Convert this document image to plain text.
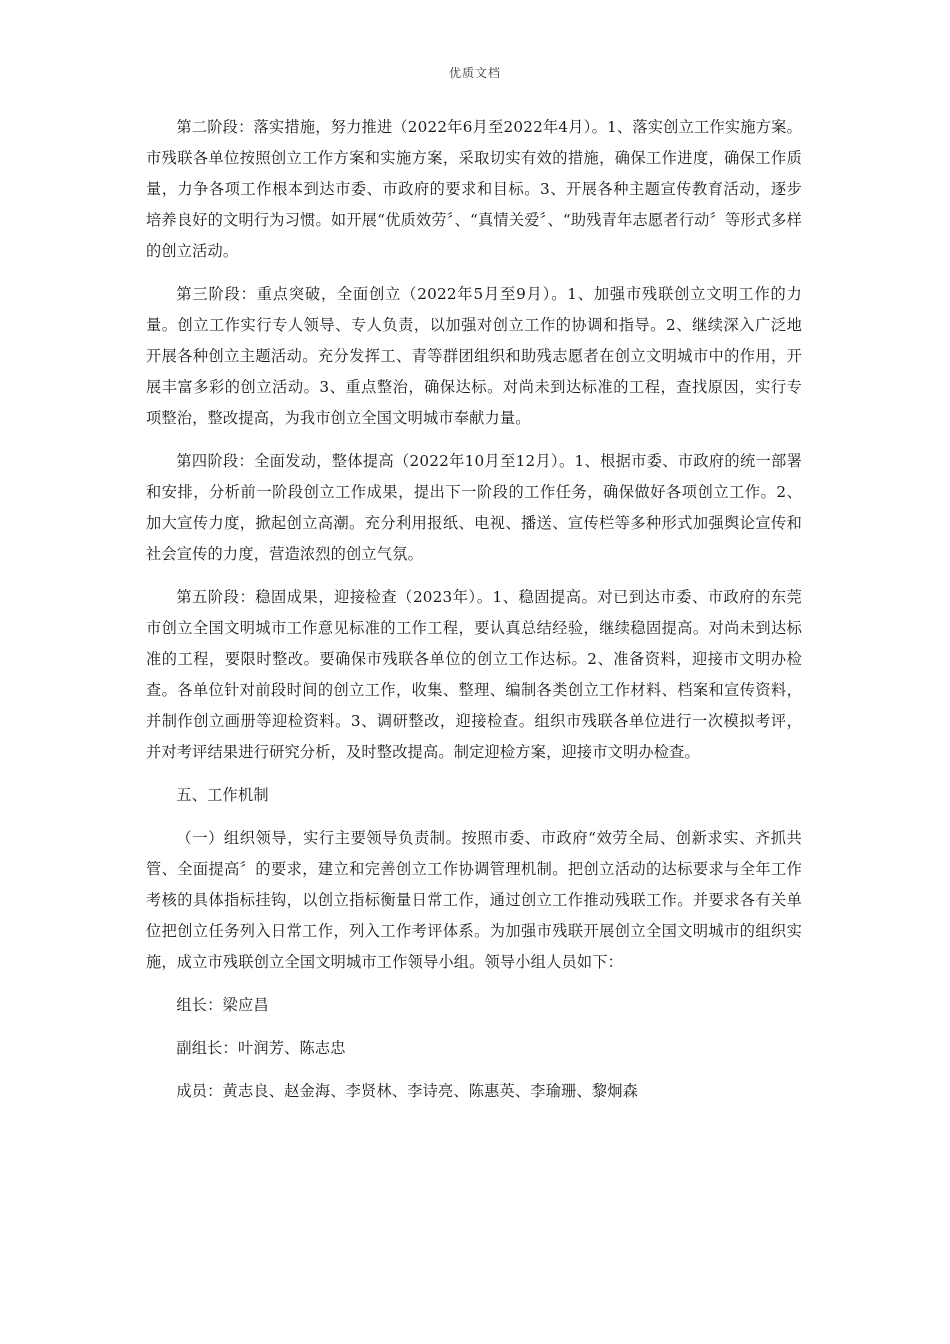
优质文档

第二阶段：落实措施，努力推进（2022年6月至2022年4月）。1、落实创立工作实施方案。市残联各单位按照创立工作方案和实施方案，采取切实有效的措施，确保工作进度，确保工作质量，力争各项工作根本到达市委、市政府的要求和目标。3、开展各种主题宣传教育活动，逐步培养良好的文明行为习惯。如开展“优质效劳〞、“真情关爱〞、“助残青年志愿者行动〞等形式多样的创立活动。

第三阶段：重点突破，全面创立（2022年5月至9月）。1、加强市残联创立文明工作的力量。创立工作实行专人领导、专人负责，以加强对创立工作的协调和指导。2、继续深入广泛地开展各种创立主题活动。充分发挥工、青等群团组织和助残志愿者在创立文明城市中的作用，开展丰富多彩的创立活动。3、重点整治，确保达标。对尚未到达标准的工程，查找原因，实行专项整治，整改提高，为我市创立全国文明城市奉献力量。

第四阶段：全面发动，整体提高（2022年10月至12月）。1、根据市委、市政府的统一部署和安排，分析前一阶段创立工作成果，提出下一阶段的工作任务，确保做好各项创立工作。2、加大宣传力度，掀起创立高潮。充分利用报纸、电视、播送、宣传栏等多种形式加强舆论宣传和社会宣传的力度，营造浓烈的创立气氛。

第五阶段：稳固成果，迎接检查（2023年）。1、稳固提高。对已到达市委、市政府的东莞市创立全国文明城市工作意见标准的工作工程，要认真总结经验，继续稳固提高。对尚未到达标准的工程，要限时整改。要确保市残联各单位的创立工作达标。2、准备资料，迎接市文明办检查。各单位针对前段时间的创立工作，收集、整理、编制各类创立工作材料、档案和宣传资料，并制作创立画册等迎检资料。3、调研整改，迎接检查。组织市残联各单位进行一次模拟考评，并对考评结果进行研究分析，及时整改提高。制定迎检方案，迎接市文明办检查。

五、工作机制

（一）组织领导，实行主要领导负责制。按照市委、市政府“效劳全局、创新求实、齐抓共管、全面提高〞的要求，建立和完善创立工作协调管理机制。把创立活动的达标要求与全年工作考核的具体指标挂钩，以创立指标衡量日常工作，通过创立工作推动残联工作。并要求各有关单位把创立任务列入日常工作，列入工作考评体系。为加强市残联开展创立全国文明城市的组织实施，成立市残联创立全国文明城市工作领导小组。领导小组人员如下：

组长：梁应昌

副组长：叶润芳、陈志忠

成员：黄志良、赵金海、李贤林、李诗亮、陈惠英、李瑜珊、黎炯森
